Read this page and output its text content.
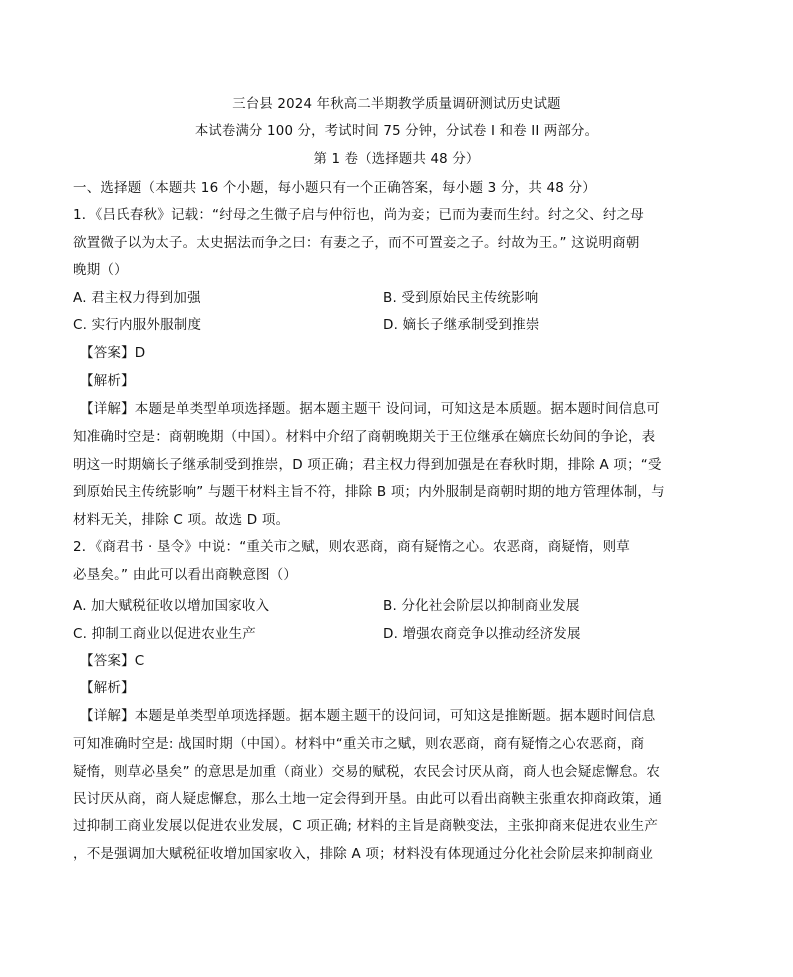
三台县 2024 年秋高二半期教学质量调研测试历史试题
本试卷满分 100 分，考试时间 75 分钟，分试卷 I 和卷 II 两部分。
第 1 卷（选择题共 48 分）
一、选择题（本题共 16 个小题，每小题只有一个正确答案，每小题 3 分，共 48 分）
1．《吕氏春秋》记载：“纣母之生微子启与仲衍也，尚为妾；已而为妻而生纣。纣之父、纣之母
欲置微子以为太子。太史据法而争之曰：有妻之子，而不可置妾之子。纣故为王。” 这说明商朝
晚期（）
A. 君主权力得到加强	B. 受到原始民主传统影响
C. 实行内服外服制度	D. 嫡长子继承制受到推崇
【答案】D
【解析】
【详解】本题是单类型单项选择题。据本题主题干 设问词，可知这是本质题。据本题时间信息可
知准确时空是：商朝晚期（中国）。材料中介绍了商朝晚期关于王位继承在嫡庶长幼间的争论，表
明这一时期嫡长子继承制受到推崇，D 项正确；君主权力得到加强是在春秋时期，排除 A 项；“受
到原始民主传统影响” 与题干材料主旨不符，排除 B 项；内外服制是商朝时期的地方管理体制，与
材料无关，排除 C 项。故选 D 项。
2．《商君书 · 垦令》中说：“重关市之赋，则农恶商，商有疑惰之心。农恶商，商疑惰，则草
必垦矣。” 由此可以看出商鞅意图（）
A. 加大赋税征收以增加国家收入	B. 分化社会阶层以抑制商业发展
C. 抑制工商业以促进农业生产	D. 增强农商竞争以推动经济发展
【答案】C
【解析】
【详解】本题是单类型单项选择题。据本题主题干的设问词，可知这是推断题。据本题时间信息
可知准确时空是: 战国时期（中国）。材料中“重关市之赋，则农恶商，商有疑惰之心农恶商，商
疑惰，则草必垦矣” 的意思是加重（商业）交易的赋税，农民会讨厌从商，商人也会疑虑懈怠。农
民讨厌从商，商人疑虑懈怠，那么土地一定会得到开垦。由此可以看出商鞅主张重农抑商政策，通
过抑制工商业发展以促进农业发展，C 项正确; 材料的主旨是商鞅变法，主张抑商来促进农业生产
，不是强调加大赋税征收增加国家收入，排除 A 项；材料没有体现通过分化社会阶层来抑制商业
